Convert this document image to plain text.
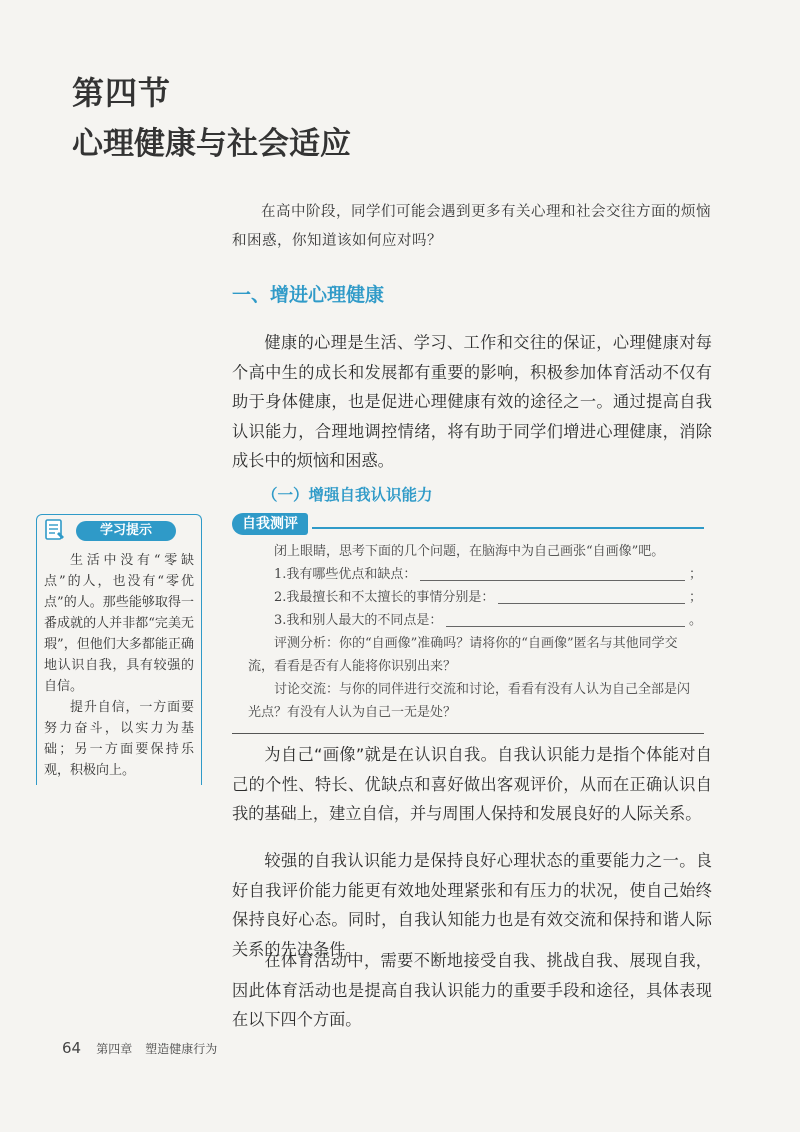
第四节
心理健康与社会适应
在高中阶段，同学们可能会遇到更多有关心理和社会交往方面的烦恼和困惑，你知道该如何应对吗？
一、增进心理健康
健康的心理是生活、学习、工作和交往的保证，心理健康对每个高中生的成长和发展都有重要的影响，积极参加体育活动不仅有助于身体健康，也是促进心理健康有效的途径之一。通过提高自我认识能力，合理地调控情绪，将有助于同学们增进心理健康，消除成长中的烦恼和困惑。
（一）增强自我认识能力
自我测评
闭上眼睛，思考下面的几个问题，在脑海中为自己画张“自画像”吧。
1.我有哪些优点和缺点：	；
2.我最擅长和不太擅长的事情分别是：	；
3.我和别人最大的不同点是：	。
评测分析：你的“自画像”准确吗？请将你的“自画像”匿名与其他同学交流，看看是否有人能将你识别出来？
讨论交流：与你的同伴进行交流和讨论，看看有没有人认为自己全部是闪光点？有没有人认为自己一无是处？
为自己“画像”就是在认识自我。自我认识能力是指个体能对自己的个性、特长、优缺点和喜好做出客观评价，从而在正确认识自我的基础上，建立自信，并与周围人保持和发展良好的人际关系。
较强的自我认识能力是保持良好心理状态的重要能力之一。良好自我评价能力能更有效地处理紧张和有压力的状况，使自己始终保持良好心态。同时，自我认知能力也是有效交流和保持和谐人际关系的先决条件。
在体育活动中，需要不断地接受自我、挑战自我、展现自我，因此体育活动也是提高自我认识能力的重要手段和途径，具体表现在以下四个方面。
学习提示

生活中没有“零缺点”的人，也没有“零优点”的人。那些能够取得一番成就的人并非都“完美无瑕”，但他们大多都能正确地认识自我，具有较强的自信。

提升自信，一方面要努力奋斗，以实力为基础；另一方面要保持乐观，积极向上。

64 第四章 塑造健康行为
